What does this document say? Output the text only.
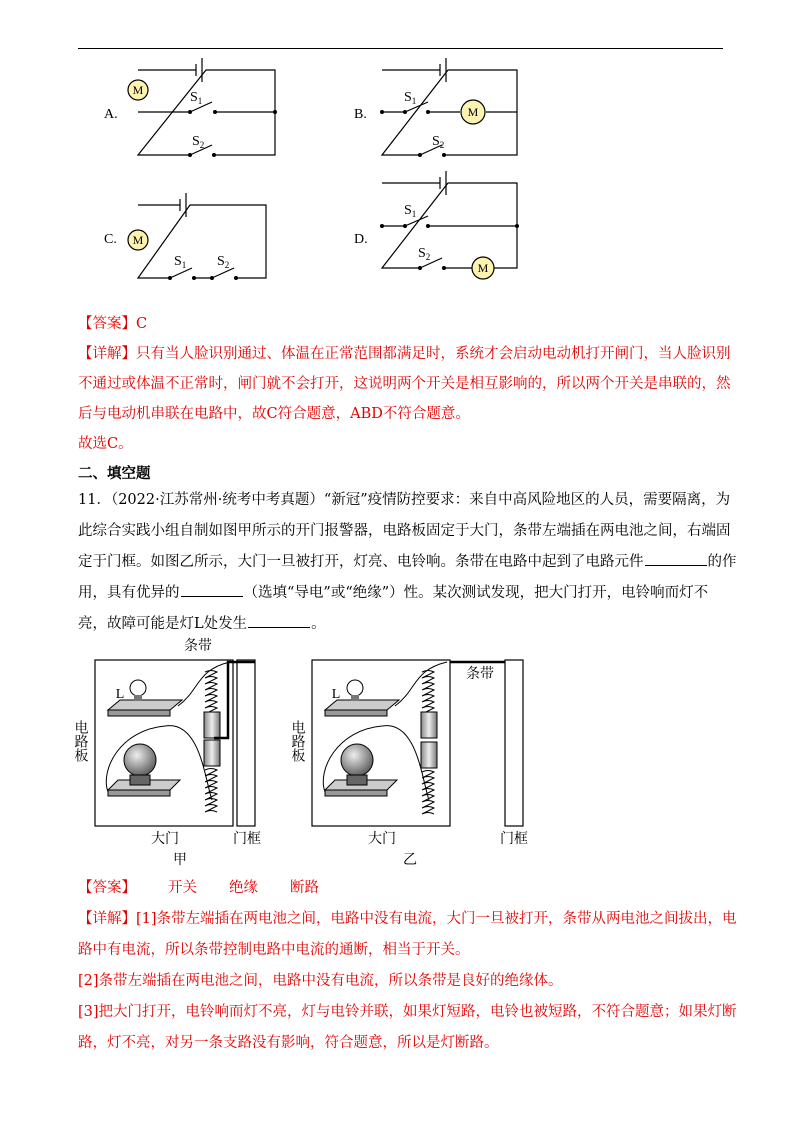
M
M
M
M
A.	B.
C.	D.
$S_1$
$S_2$
$S_1$
$S_2$
$S_1$ $S_2$
$S_1$
$S_2$
【答案】C
【详解】只有当人脸识别通过、体温在正常范围都满足时，系统才会启动电动机打开闸门，当人脸识别
不通过或体温不正常时，闸门就不会打开，这说明两个开关是相互影响的，所以两个开关是串联的，然
后与电动机串联在电路中，故C符合题意，ABD不符合题意。
故选C。
二、填空题
11．（2022·江苏常州·统考中考真题）“新冠”疫情防控要求：来自中高风险地区的人员，需要隔离，为
此综合实践小组自制如图甲所示的开门报警器，电路板固定于大门，条带左端插在两电池之间，右端固
定于门框。如图乙所示，大门一旦被打开，灯亮、电铃响。条带在电路中起到了电路元件	的作
用，具有优异的	（选填“导电”或“绝缘”）性。某次测试发现，把大门打开，电铃响而灯不
亮，故障可能是灯L处发生	。
条带
条带
L	L
大门	门框	大门	门框
甲	乙
电路板	电路板
【答案】 开关 绝缘 断路
【详解】[1]条带左端插在两电池之间，电路中没有电流，大门一旦被打开，条带从两电池之间拔出，电
路中有电流，所以条带控制电路中电流的通断，相当于开关。
[2]条带左端插在两电池之间，电路中没有电流，所以条带是良好的绝缘体。
[3]把大门打开，电铃响而灯不亮，灯与电铃并联，如果灯短路，电铃也被短路，不符合题意；如果灯断
路，灯不亮，对另一条支路没有影响，符合题意，所以是灯断路。
